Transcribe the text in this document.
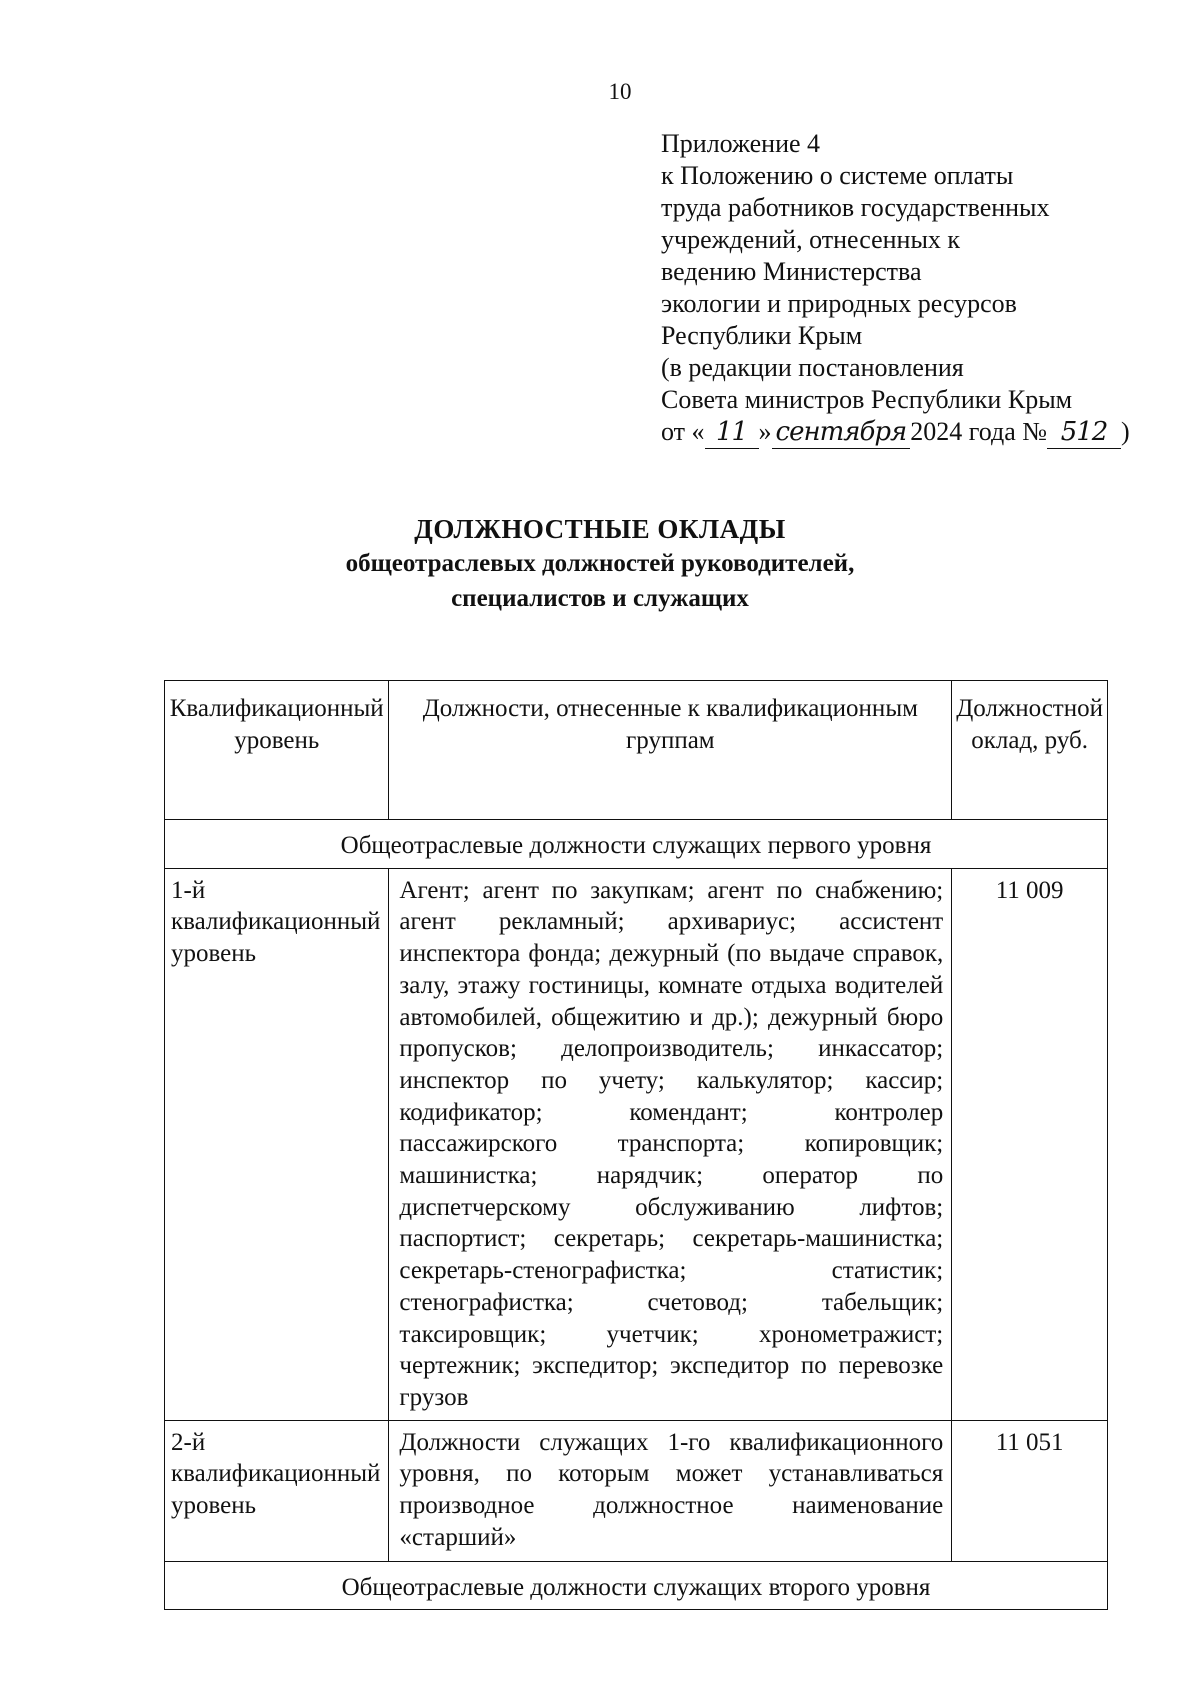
10
Приложение 4
к Положению о системе оплаты
труда работников государственных
учреждений, отнесенных к
ведению Министерства
экологии и природных ресурсов
Республики Крым
(в редакции постановления
Совета министров Республики Крым
от « 11 » сентября 2024 года № 512 )
ДОЛЖНОСТНЫЕ ОКЛАДЫ
общеотраслевых должностей руководителей,
специалистов и служащих
Квалификационный уровень	Должности, отнесенные к квалификационным группам	Должностной оклад, руб.
Общеотраслевые должности служащих первого уровня		
1-й квалификационный уровень	Агент; агент по закупкам; агент по снабжению; агент рекламный; архивариус; ассистент инспектора фонда; дежурный (по выдаче справок, залу, этажу гостиницы, комнате отдыха водителей автомобилей, общежитию и др.); дежурный бюро пропусков; делопроизводитель; инкассатор; инспектор по учету; калькулятор; кассир; кодификатор; комендант; контролер пассажирского транспорта; копировщик; машинистка; нарядчик; оператор по диспетчерскому обслуживанию лифтов; паспортист; секретарь; секретарь-машинистка; секретарь-стенографистка; статистик; стенографистка; счетовод; табельщик; таксировщик; учетчик; хронометражист; чертежник; экспедитор; экспедитор по перевозке грузов	11 009
2-й квалификационный уровень	Должности служащих 1-го квалификационного уровня, по которым может устанавливаться производное должностное наименование «старший»	11 051
Общеотраслевые должности служащих второго уровня		
